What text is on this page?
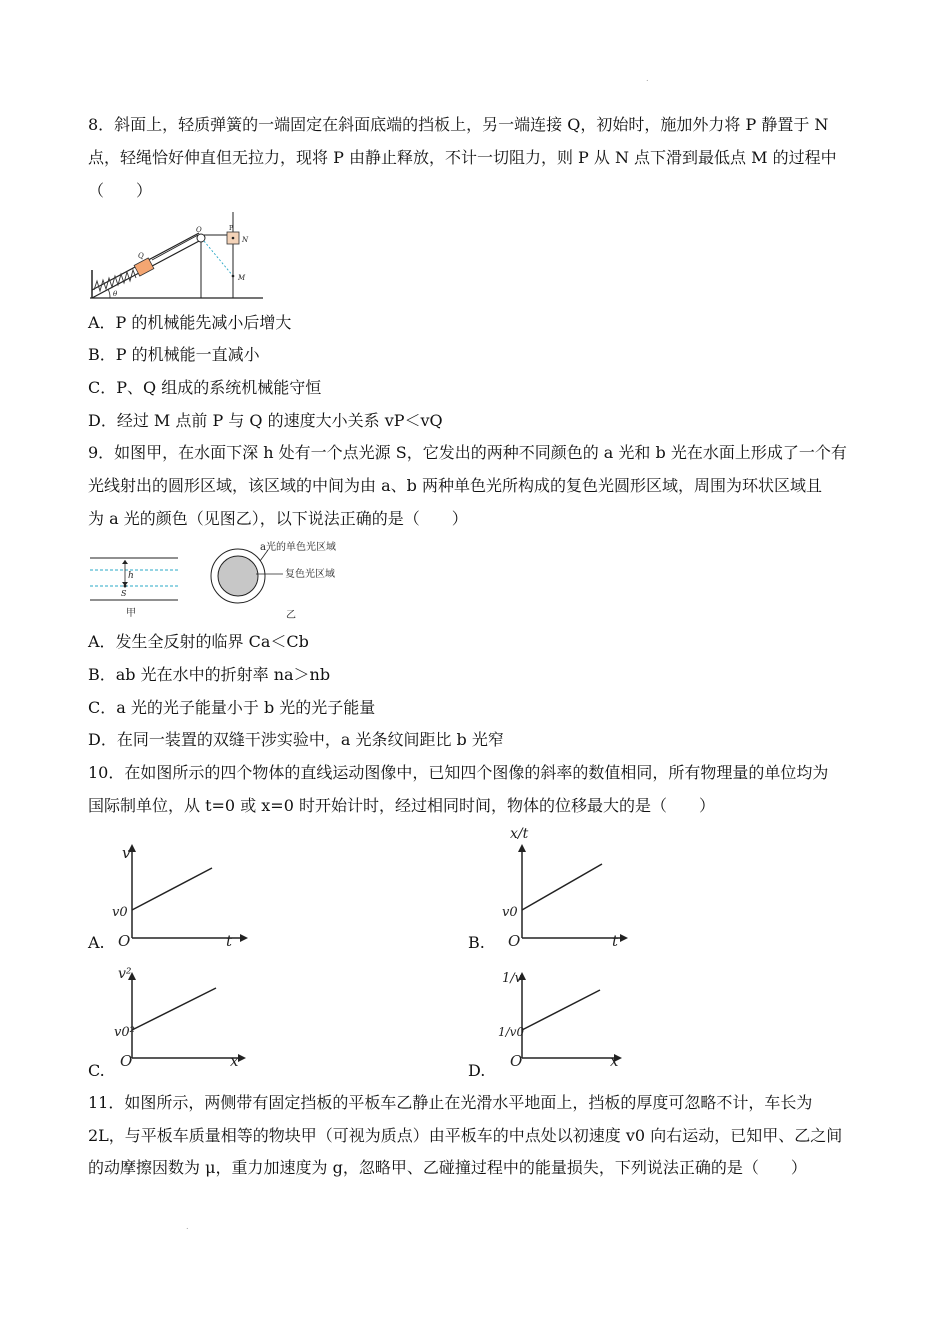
.
8．斜面上，轻质弹簧的一端固定在斜面底端的挡板上，另一端连接 Q，初始时，施加外力将 P 静置于 N
点，轻绳恰好伸直但无拉力，现将 P 由静止释放，不计一切阻力，则 P 从 N 点下滑到最低点 M 的过程中
（　　）
Q
O	P
N
M
θ
A．P 的机械能先减小后增大
B．P 的机械能一直减小
C．P、Q 组成的系统机械能守恒
D．经过 M 点前 P 与 Q 的速度大小关系 vP＜vQ
9．如图甲，在水面下深 h 处有一个点光源 S，它发出的两种不同颜色的 a 光和 b 光在水面上形成了一个有
光线射出的圆形区域，该区域的中间为由 a、b 两种单色光所构成的复色光圆形区域，周围为环状区域且
为 a 光的颜色（见图乙），以下说法正确的是（　　）
h
S
甲
a光的单色光区域
复色光区域
乙
A．发生全反射的临界 Ca＜Cb
B．ab 光在水中的折射率 na＞nb
C．a 光的光子能量小于 b 光的光子能量
D．在同一装置的双缝干涉实验中，a 光条纹间距比 b 光窄
10．在如图所示的四个物体的直线运动图像中，已知四个图像的斜率的数值相同，所有物理量的单位均为
国际制单位，从 t=0 或 x=0 时开始计时，经过相同时间，物体的位移最大的是（　　）
A.
v
t
v0
O	B.
x/t
t
v0
O
C.
v²
x
v0²
O	D.
1/v
x
1/v0
O
11．如图所示，两侧带有固定挡板的平板车乙静止在光滑水平地面上，挡板的厚度可忽略不计，车长为
2L，与平板车质量相等的物块甲（可视为质点）由平板车的中点处以初速度 v0 向右运动，已知甲、乙之间
的动摩擦因数为 μ，重力加速度为 g，忽略甲、乙碰撞过程中的能量损失，下列说法正确的是（　　）
.
